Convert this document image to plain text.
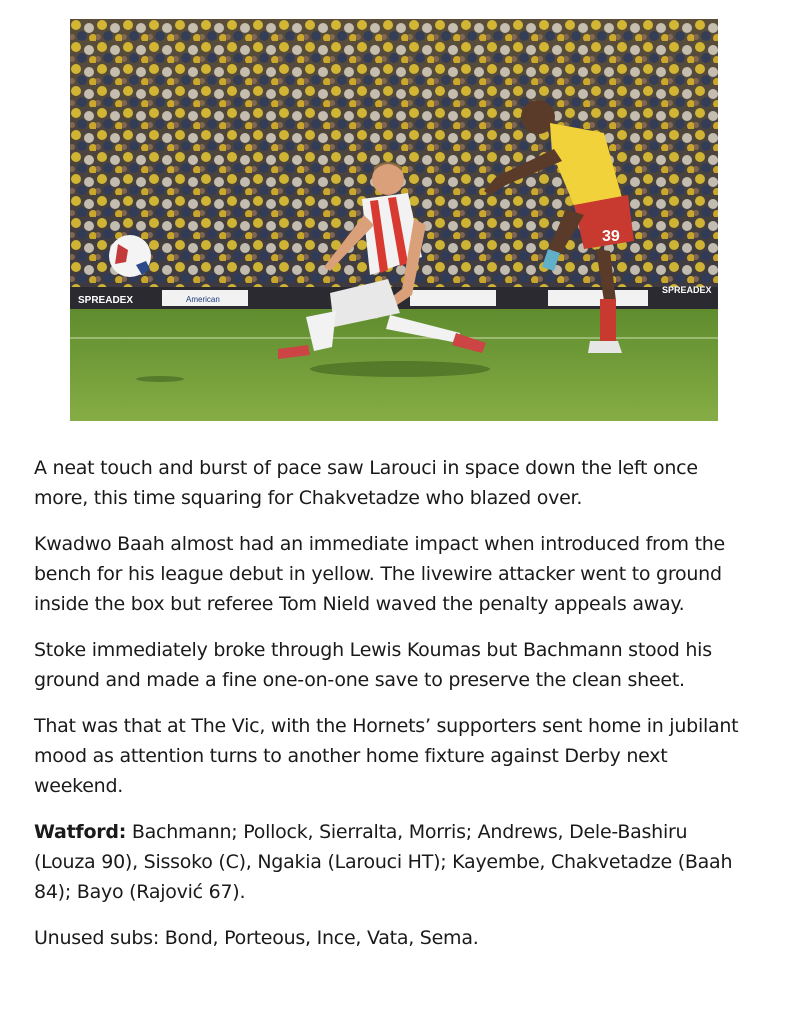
SPREADEX	American
SPREADEX
39

A neat touch and burst of pace saw Larouci in space down the left once more, this time squaring for Chakvetadze who blazed over.

Kwadwo Baah almost had an immediate impact when introduced from the bench for his league debut in yellow. The livewire attacker went to ground inside the box but referee Tom Nield waved the penalty appeals away.

Stoke immediately broke through Lewis Koumas but Bachmann stood his ground and made a fine one-on-one save to preserve the clean sheet.

That was that at The Vic, with the Hornets’ supporters sent home in jubilant mood as attention turns to another home fixture against Derby next weekend.

Watford: Bachmann; Pollock, Sierralta, Morris; Andrews, Dele-Bashiru (Louza 90), Sissoko (C), Ngakia (Larouci HT); Kayembe, Chakvetadze (Baah 84); Bayo (Rajović 67).

Unused subs: Bond, Porteous, Ince, Vata, Sema.
